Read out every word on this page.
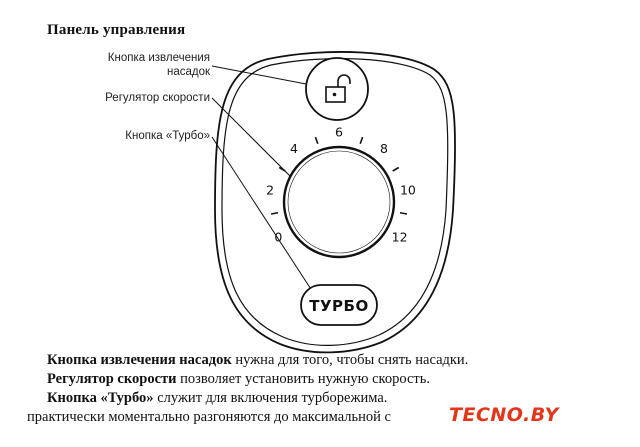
Панель управления
Кнопка извлечения
насадок
Регулятор скорости
Кнопка «Турбо»
0
2
4
6
8
10
12
ТУРБО
Кнопка извлечения насадок нужна для того, чтобы снять насадки.
Регулятор скорости позволяет установить нужную скорость.
Кнопка «Турбо» служит для включения турборежима.
практически моментально разгоняются до максимальной с	TECNO.BY
